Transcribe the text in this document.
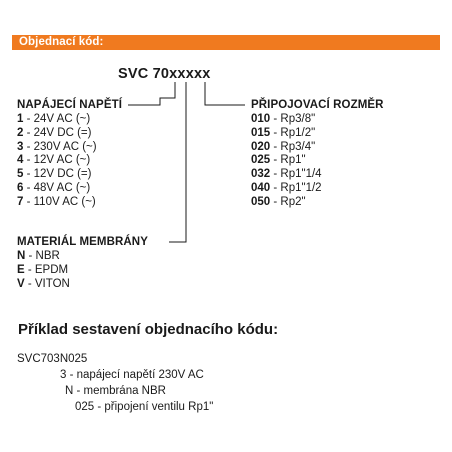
Objednací kód:
SVC 70xxxxx
NAPÁJECÍ NAPĚTÍ
1 - 24V AC (~)
2 - 24V DC (=)
3 - 230V AC (~)
4 - 12V AC (~)
5 - 12V DC (=)
6 - 48V AC (~)
7 - 110V AC (~)
PŘIPOJOVACÍ ROZMĚR
010 - Rp3/8"
015 - Rp1/2"
020 - Rp3/4"
025 - Rp1"
032 - Rp1"1/4
040 - Rp1"1/2
050 - Rp2"
MATERIÁL MEMBRÁNY
N - NBR
E - EPDM
V - VITON
Příklad sestavení objednacího kódu:
SVC703N025
3 - napájecí napětí 230V AC
N - membrána NBR
025 - připojení ventilu Rp1"
